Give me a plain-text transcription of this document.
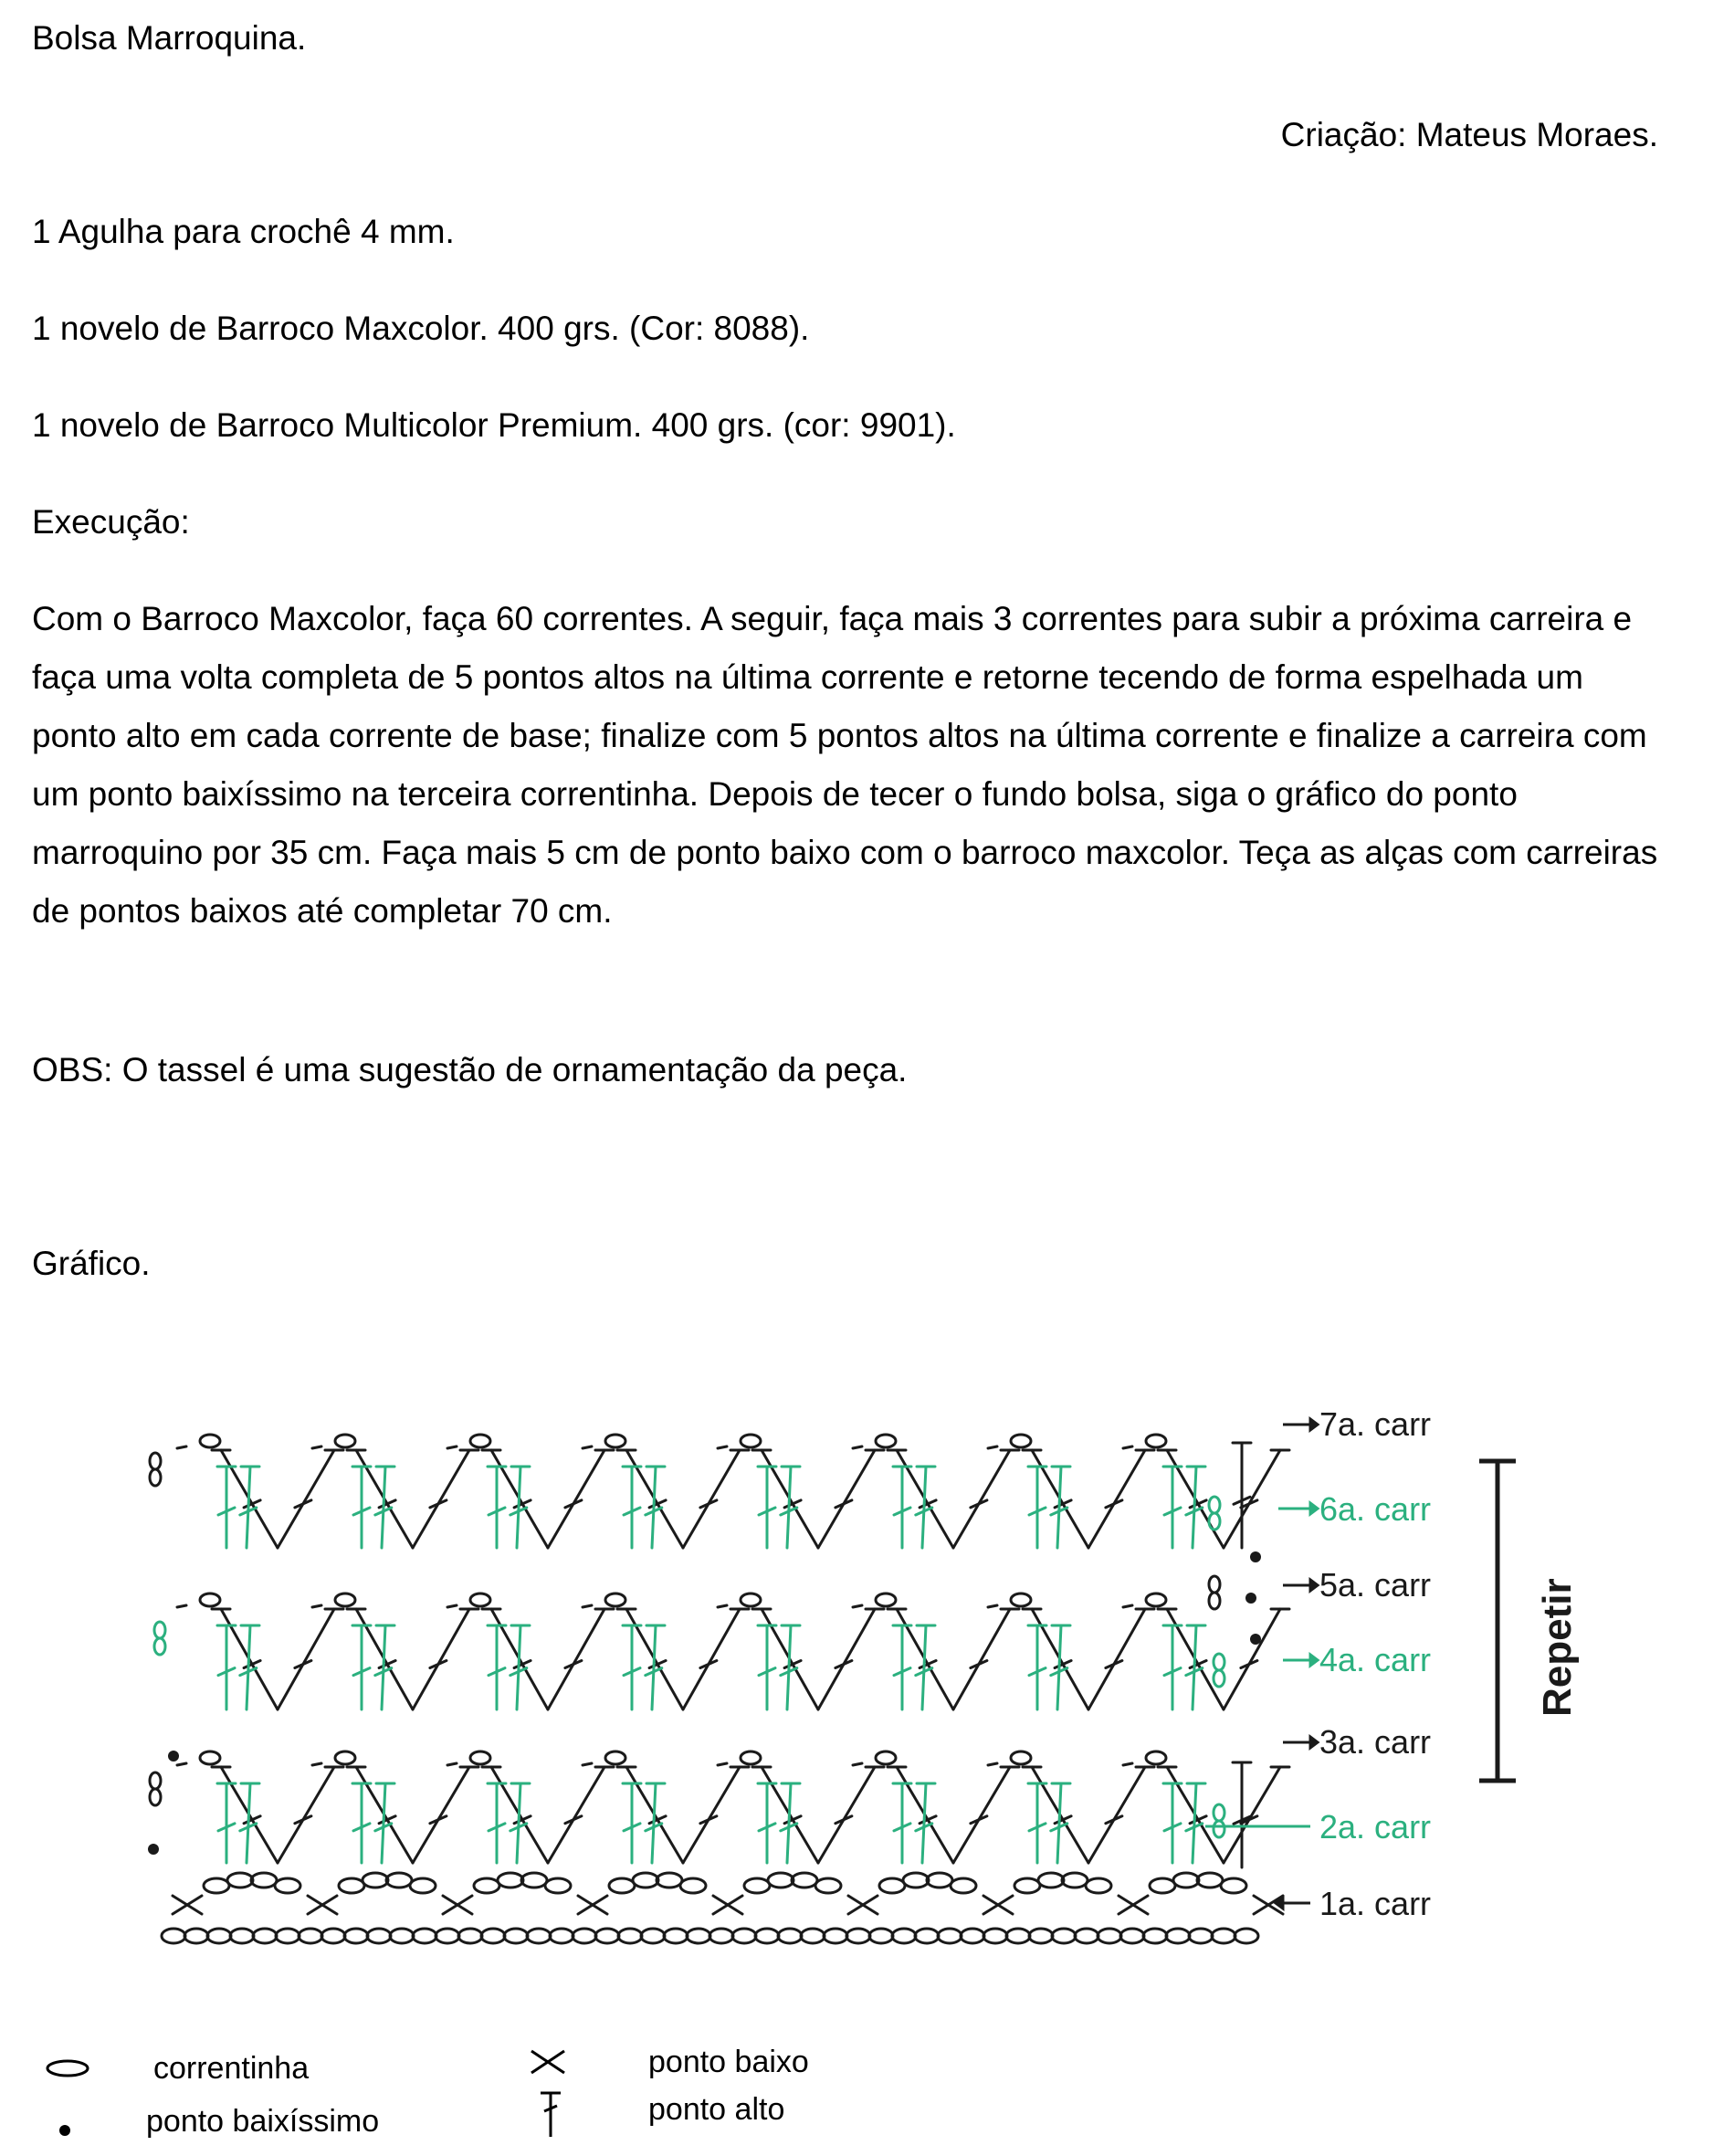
Bolsa Marroquina.

Criação: Mateus Moraes.

1 Agulha para crochê 4 mm.

1 novelo de Barroco Maxcolor. 400 grs. (Cor: 8088).

1 novelo de Barroco Multicolor Premium. 400 grs. (cor: 9901).

Execução:

Com o Barroco Maxcolor, faça 60 correntes. A seguir, faça mais 3 correntes para subir a próxima carreira e faça uma volta completa de 5 pontos altos na última corrente e retorne tecendo de forma espelhada um ponto alto em cada corrente de base; finalize com 5 pontos altos na última corrente e finalize a carreira com um ponto baixíssimo na terceira correntinha. Depois de tecer o fundo bolsa, siga o gráfico do ponto marroquino por 35 cm. Faça mais 5 cm de ponto baixo com o barroco maxcolor. Teça as alças com carreiras de pontos baixos até completar 70 cm.

OBS: O tassel é uma sugestão de ornamentação da peça.

Gráfico.

7a. carr
6a. carr
5a. carr
4a. carr
3a. carr
2a. carr
1a. carr
Repetir
correntinha
ponto baixíssimo
ponto baixo
ponto alto
